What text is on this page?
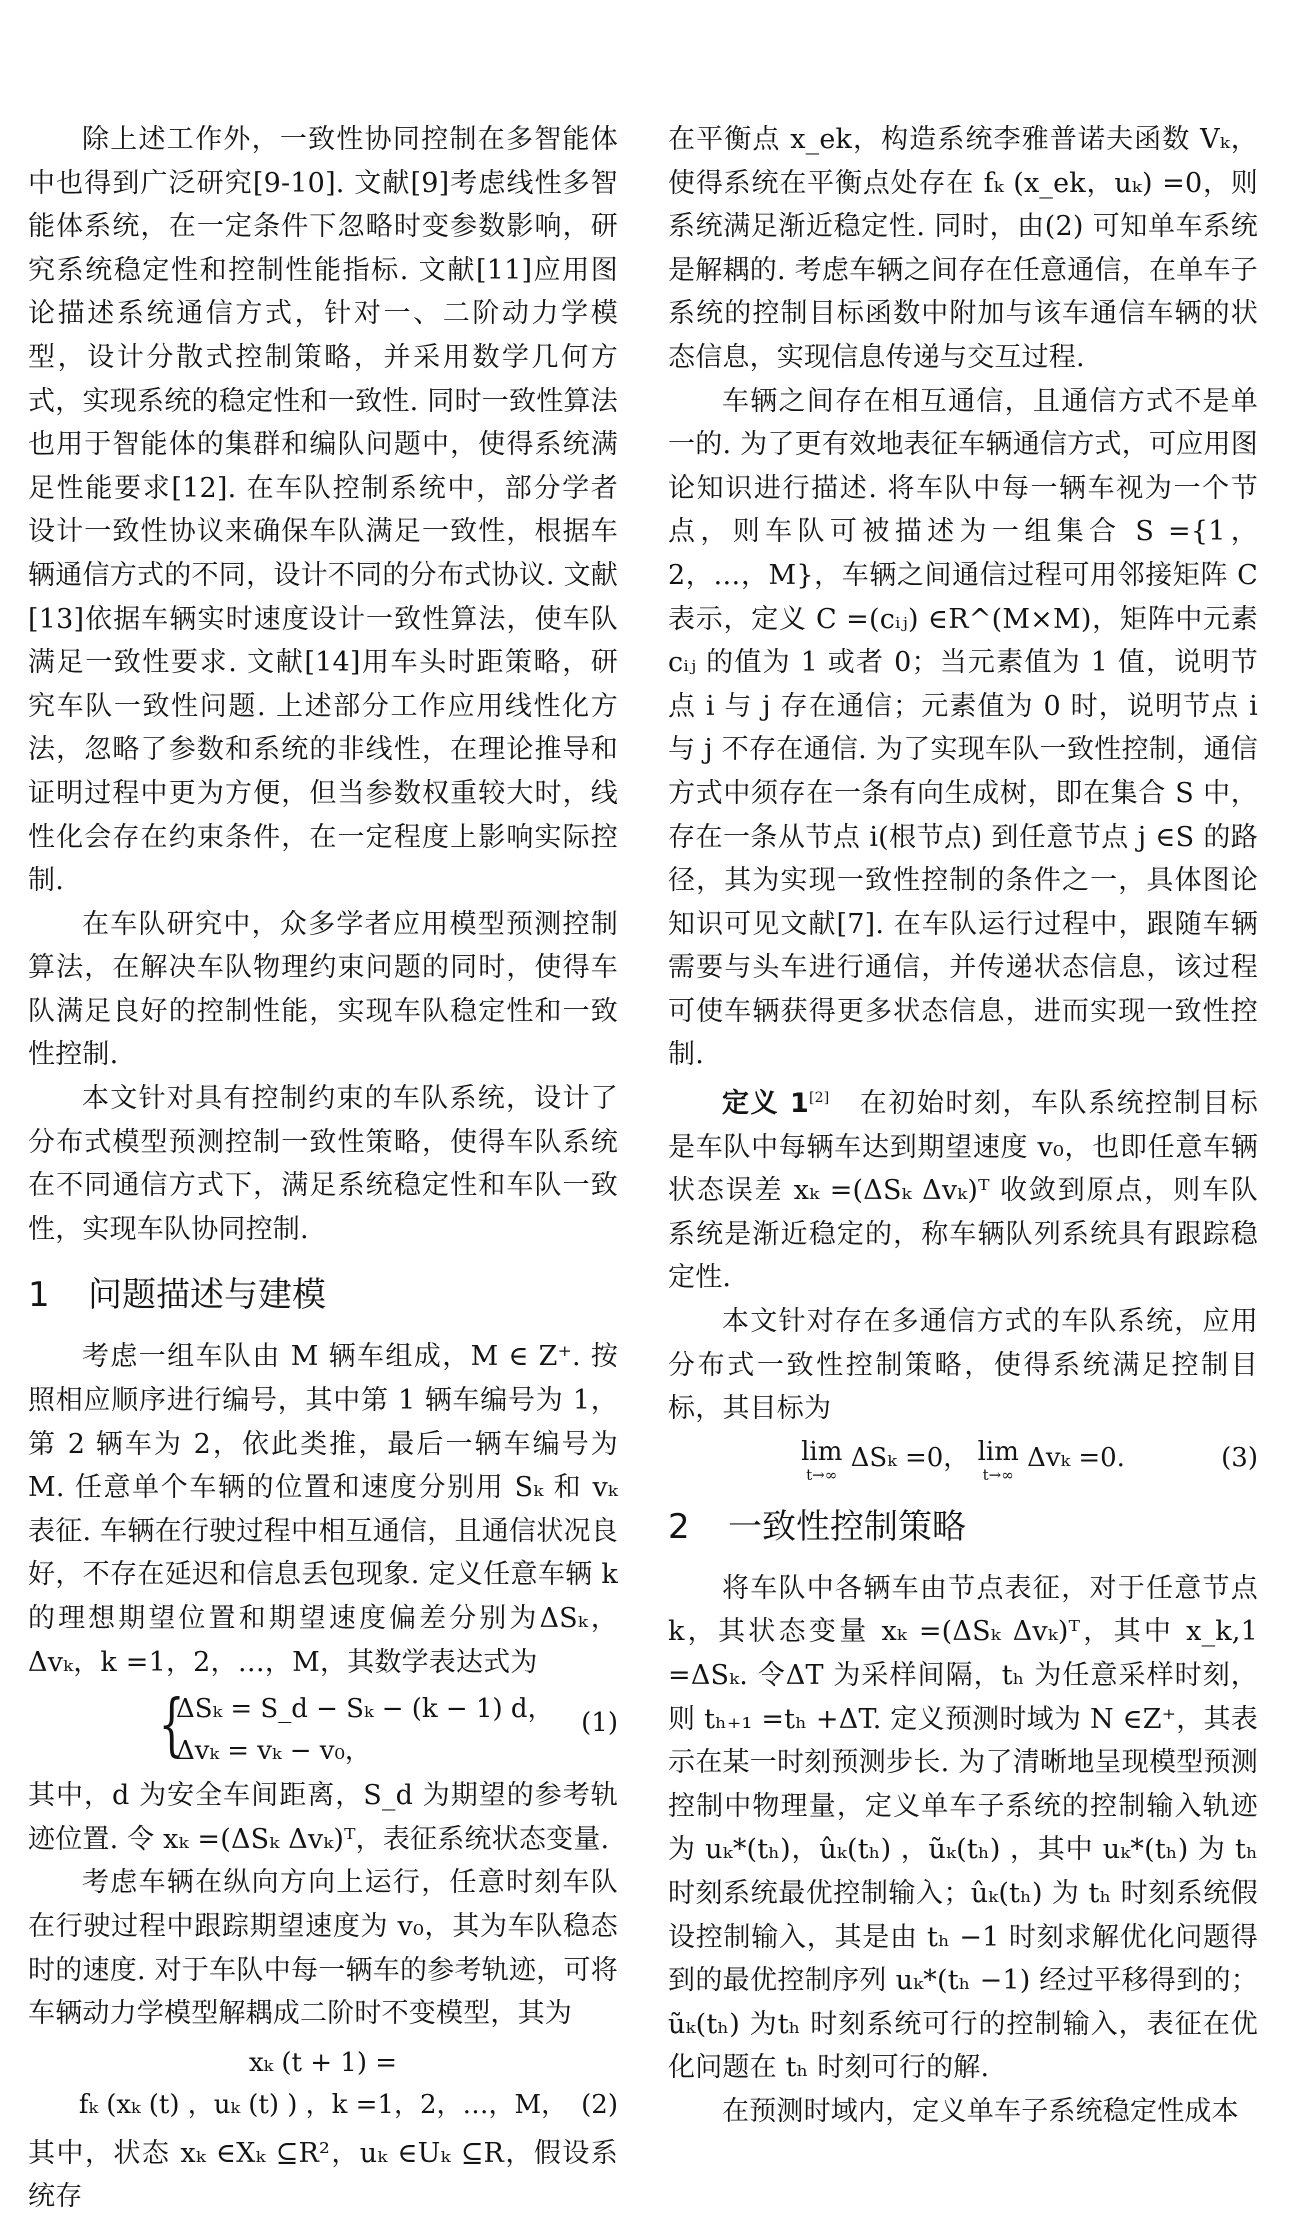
除上述工作外，一致性协同控制在多智能体中也得到广泛研究[9-10]. 文献[9]考虑线性多智能体系统，在一定条件下忽略时变参数影响，研究系统稳定性和控制性能指标. 文献[11]应用图论描述系统通信方式，针对一、二阶动力学模型，设计分散式控制策略，并采用数学几何方式，实现系统的稳定性和一致性. 同时一致性算法也用于智能体的集群和编队问题中，使得系统满足性能要求[12]. 在车队控制系统中，部分学者设计一致性协议来确保车队满足一致性，根据车辆通信方式的不同，设计不同的分布式协议. 文献[13]依据车辆实时速度设计一致性算法，使车队满足一致性要求. 文献[14]用车头时距策略，研究车队一致性问题. 上述部分工作应用线性化方法，忽略了参数和系统的非线性，在理论推导和证明过程中更为方便，但当参数权重较大时，线性化会存在约束条件，在一定程度上影响实际控制.

在车队研究中，众多学者应用模型预测控制算法，在解决车队物理约束问题的同时，使得车队满足良好的控制性能，实现车队稳定性和一致性控制.

本文针对具有控制约束的车队系统，设计了分布式模型预测控制一致性策略，使得车队系统在不同通信方式下，满足系统稳定性和车队一致性，实现车队协同控制.

1 问题描述与建模

考虑一组车队由 M 辆车组成，M ∈ Z⁺. 按照相应顺序进行编号，其中第 1 辆车编号为 1，第 2 辆车为 2，依此类推，最后一辆车编号为 M. 任意单个车辆的位置和速度分别用 Sₖ 和 vₖ 表征. 车辆在行驶过程中相互通信，且通信状况良好，不存在延迟和信息丢包现象. 定义任意车辆 k 的理想期望位置和期望速度偏差分别为ΔSₖ，Δvₖ，k =1，2，…，M，其数学表达式为

{
ΔSₖ = S_d − Sₖ − (k − 1) d，
Δvₖ = vₖ − v₀，
(1)

其中，d 为安全车间距离，S_d 为期望的参考轨迹位置. 令 xₖ =(ΔSₖ Δvₖ)ᵀ，表征系统状态变量.

考虑车辆在纵向方向上运行，任意时刻车队在行驶过程中跟踪期望速度为 v₀，其为车队稳态时的速度. 对于车队中每一辆车的参考轨迹，可将车辆动力学模型解耦成二阶时不变模型，其为

xₖ (t + 1) =
fₖ (xₖ (t) ，uₖ (t) ) ，k =1，2，…，M， (2)

其中，状态 xₖ ∈Xₖ ⊆R²，uₖ ∈Uₖ ⊆R，假设系统存

在平衡点 x_ek，构造系统李雅普诺夫函数 Vₖ，使得系统在平衡点处存在 fₖ (x_ek，uₖ) =0，则系统满足渐近稳定性. 同时，由(2) 可知单车系统是解耦的. 考虑车辆之间存在任意通信，在单车子系统的控制目标函数中附加与该车通信车辆的状态信息，实现信息传递与交互过程.

车辆之间存在相互通信，且通信方式不是单一的. 为了更有效地表征车辆通信方式，可应用图论知识进行描述. 将车队中每一辆车视为一个节点，则车队可被描述为一组集合 S ={1，2，…，M}，车辆之间通信过程可用邻接矩阵 C 表示，定义 C =(cᵢⱼ) ∈R^(M×M)，矩阵中元素 cᵢⱼ 的值为 1 或者 0；当元素值为 1 值，说明节点 i 与 j 存在通信；元素值为 0 时，说明节点 i 与 j 不存在通信. 为了实现车队一致性控制，通信方式中须存在一条有向生成树，即在集合 S 中，存在一条从节点 i(根节点) 到任意节点 j ∈S 的路径，其为实现一致性控制的条件之一，具体图论知识可见文献[7]. 在车队运行过程中，跟随车辆需要与头车进行通信，并传递状态信息，该过程可使车辆获得更多状态信息，进而实现一致性控制.

定义 1[2] 在初始时刻，车队系统控制目标是车队中每辆车达到期望速度 v₀，也即任意车辆状态误差 xₖ =(ΔSₖ Δvₖ)ᵀ 收敛到原点，则车队系统是渐近稳定的，称车辆队列系统具有跟踪稳定性.

本文针对存在多通信方式的车队系统，应用分布式一致性控制策略，使得系统满足控制目标，其目标为

lim
t→∞
ΔSₖ =0， lim
t→∞
Δvₖ =0.	(3)
2 一致性控制策略

将车队中各辆车由节点表征，对于任意节点 k，其状态变量 xₖ =(ΔSₖ Δvₖ)ᵀ，其中 x_k,1 =ΔSₖ. 令ΔT 为采样间隔，tₕ 为任意采样时刻，则 tₕ₊₁ =tₕ +ΔT. 定义预测时域为 N ∈Z⁺，其表示在某一时刻预测步长. 为了清晰地呈现模型预测控制中物理量，定义单车子系统的控制输入轨迹为 uₖ*(tₕ)，ûₖ(tₕ) ，ũₖ(tₕ) ，其中 uₖ*(tₕ) 为 tₕ 时刻系统最优控制输入；ûₖ(tₕ) 为 tₕ 时刻系统假设控制输入，其是由 tₕ −1 时刻求解优化问题得到的最优控制序列 uₖ*(tₕ −1) 经过平移得到的；ũₖ(tₕ) 为tₕ 时刻系统可行的控制输入，表征在优化问题在 tₕ 时刻可行的解.

在预测时域内，定义单车子系统稳定性成本
